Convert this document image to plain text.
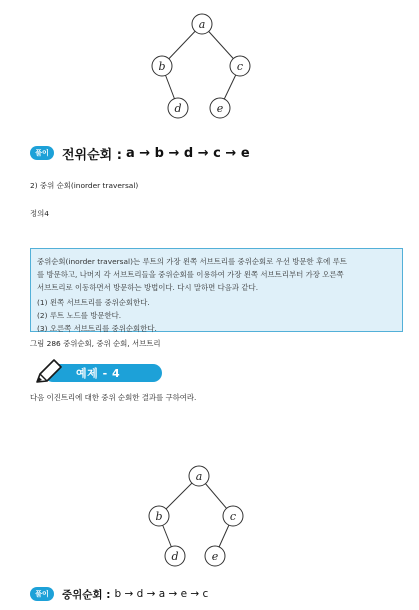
a
b	c
d	e
풀이	전위순회 : a → b → d → c → e
2) 중위 순회(inorder traversal)
정의4
중위순회(inorder traversal)는 루트의 가장 왼쪽 서브트리를 중위순회로 우선 방문한 후에 루트
를 방문하고, 나머지 각 서브트리들을 중위순회를 이용하여 가장 왼쪽 서브트리부터 가장 오른쪽
서브트리로 이동하면서 방문하는 방법이다. 다시 말하면 다음과 같다.
(1) 왼쪽 서브트리를 중위순회한다.
(2) 루트 노드를 방문한다.
(3) 오른쪽 서브트리를 중위순회한다.
그림 286 중위순회, 중위 순회, 서브트리
예제 - 4
다음 이진트리에 대한 중위 순회한 결과를 구하여라.
a
b	c
d	e
풀이	중위순회 : b → d → a → e → c
